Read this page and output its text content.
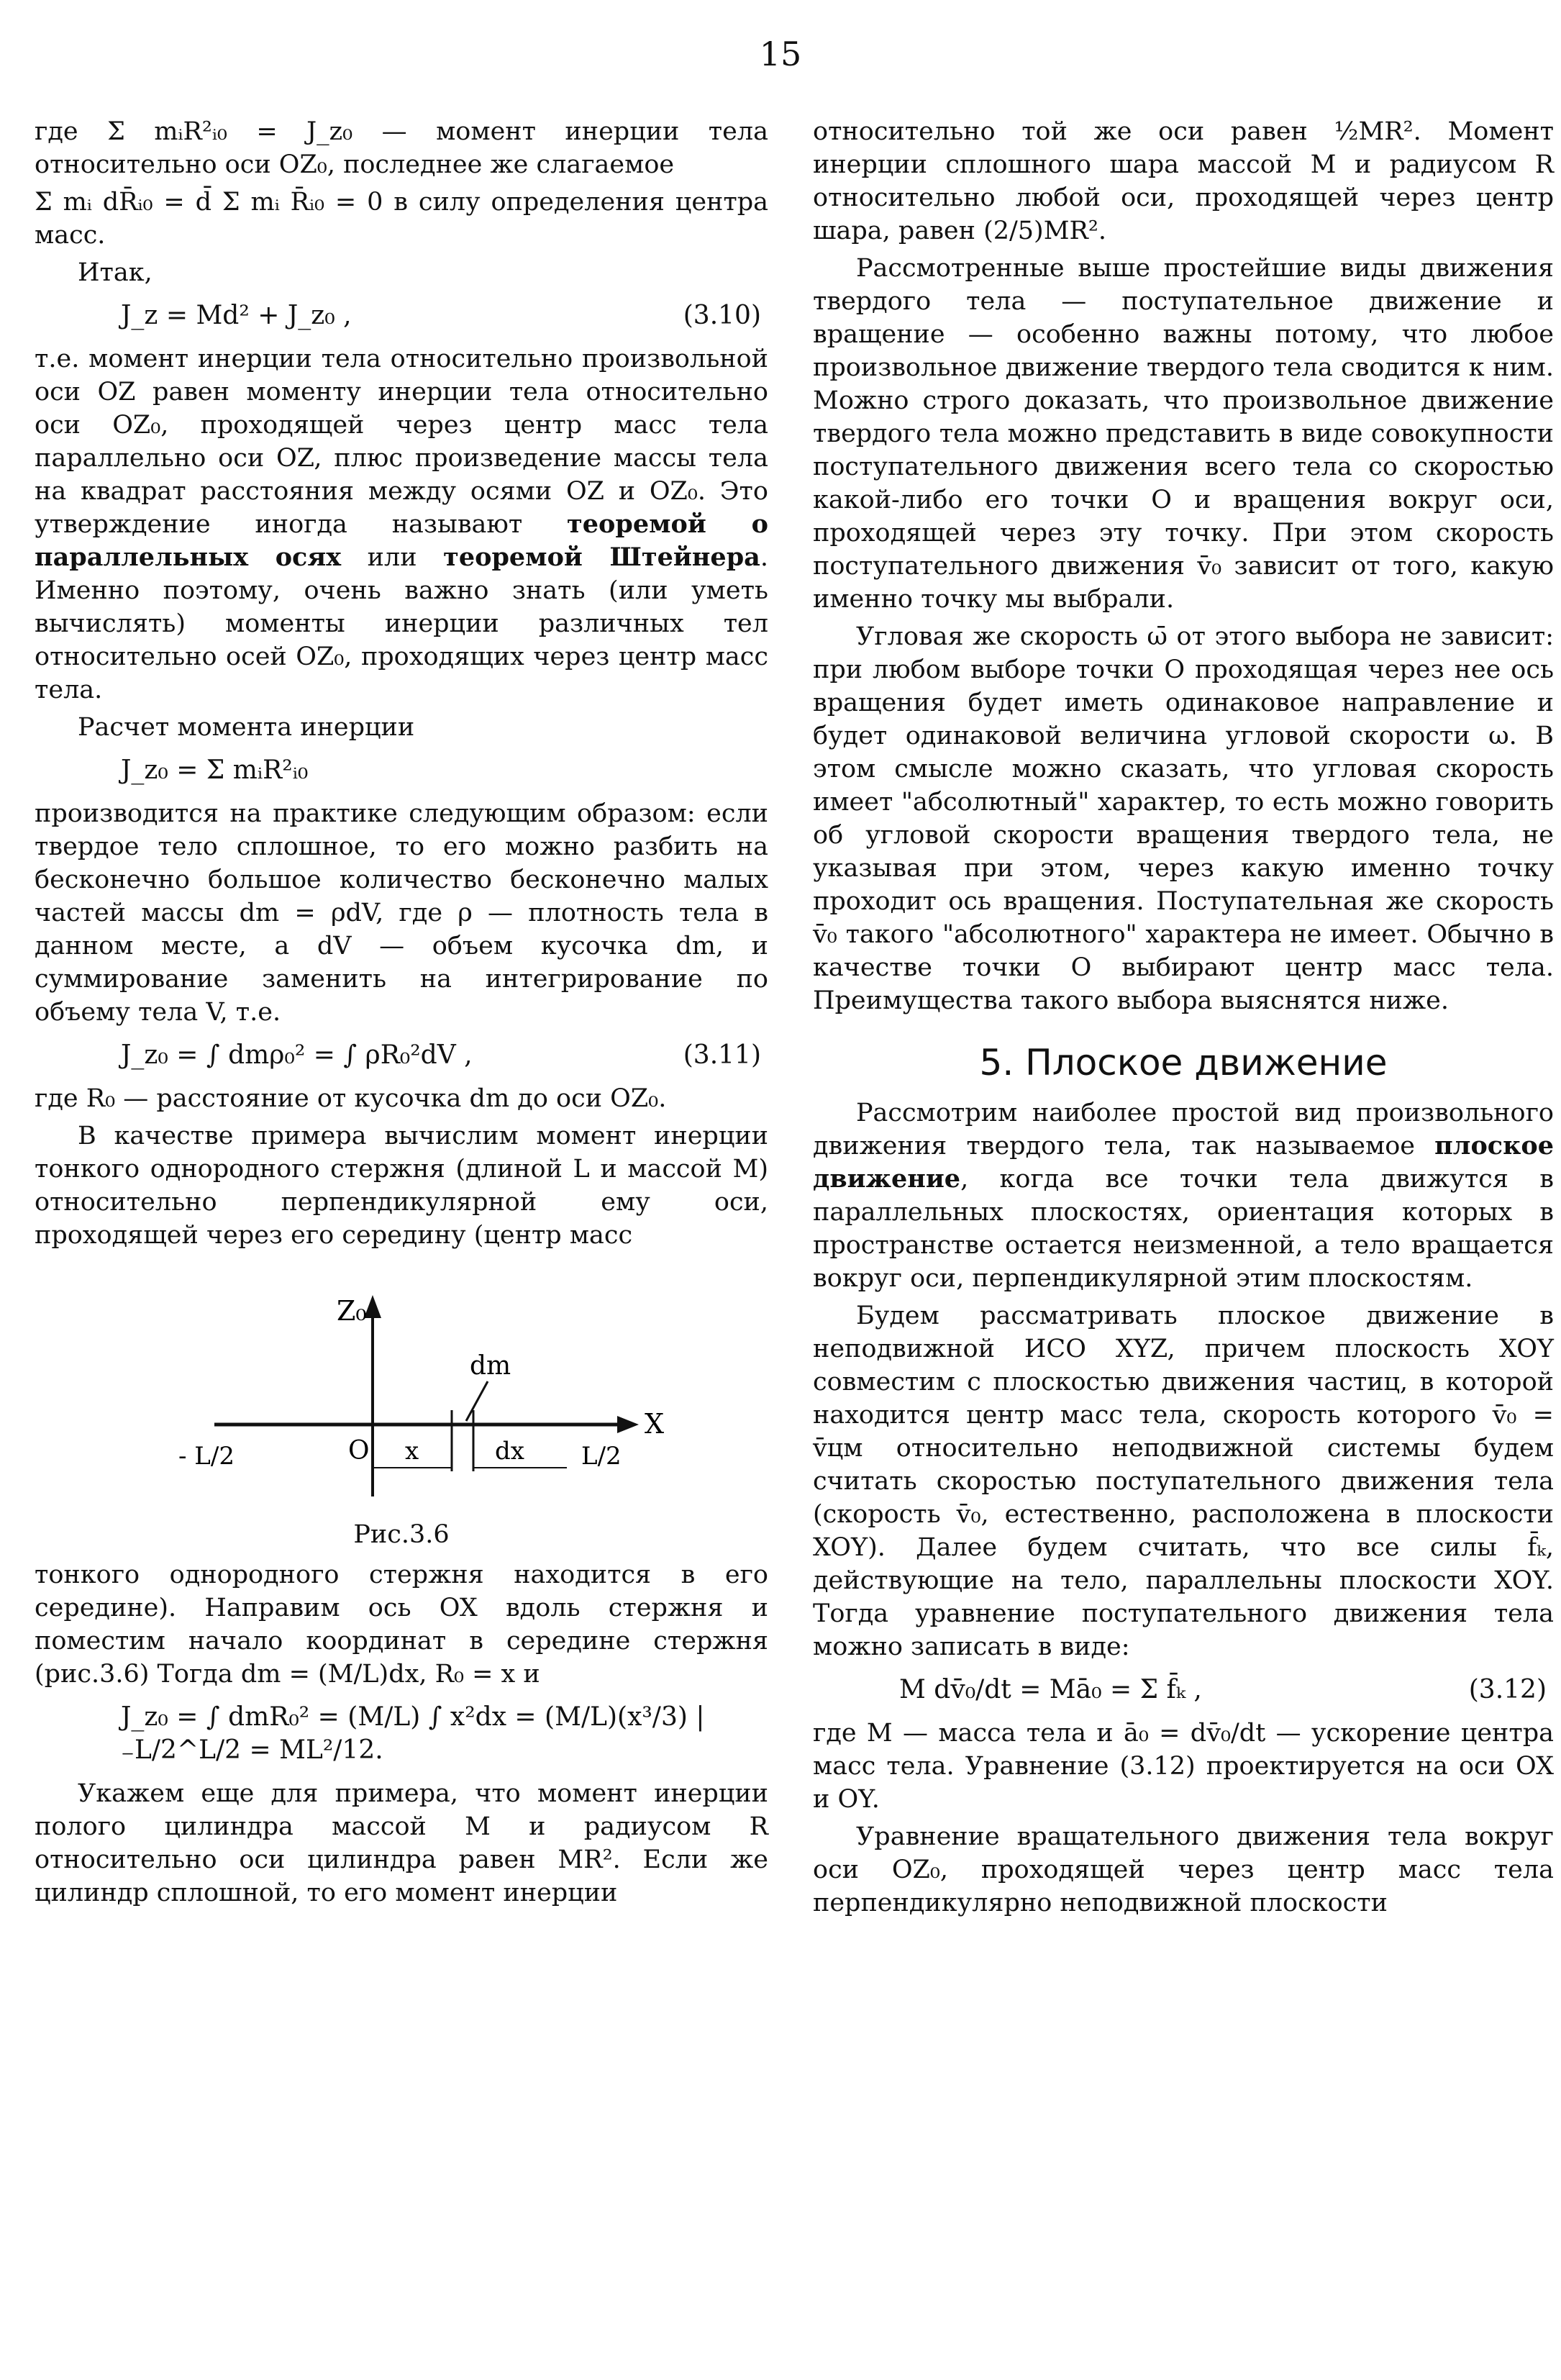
15

где Σ mᵢR²ᵢ₀ = J_z₀ — момент инерции тела относительно оси OZ₀, последнее же слагаемое

Σ mᵢ dR̄ᵢ₀ = d̄ Σ mᵢ R̄ᵢ₀ = 0 в силу определения центра масс.

Итак,

J_z = Md² + J_z₀ ,	(3.10)

т.е. момент инерции тела относительно произвольной оси OZ равен моменту инерции тела относительно оси OZ₀, проходящей через центр масс тела параллельно оси OZ, плюс произведение массы тела на квадрат расстояния между осями OZ и OZ₀. Это утверждение иногда называют теоремой о параллельных осях или теоремой Штейнера. Именно поэтому, очень важно знать (или уметь вычислять) моменты инерции различных тел относительно осей OZ₀, проходящих через центр масс тела.

Расчет момента инерции

J_z₀ = Σ mᵢR²ᵢ₀

производится на практике следующим образом: если твердое тело сплошное, то его можно разбить на бесконечно большое количество бесконечно малых частей массы dm = ρdV, где ρ — плотность тела в данном месте, а dV — объем кусочка dm, и суммирование заменить на интегрирование по объему тела V, т.е.

J_z₀ = ∫ dmρ₀² = ∫ ρR₀²dV ,	(3.11)

где R₀ — расстояние от кусочка dm до оси OZ₀.

В качестве примера вычислим момент инерции тонкого однородного стержня (длиной L и массой M) относительно перпендикулярной ему оси, проходящей через его середину (центр масс

Z₀
X
dm
x	dx
O
- L/2	L/2

Рис.3.6

тонкого однородного стержня находится в его середине). Направим ось OX вдоль стержня и поместим начало координат в середине стержня (рис.3.6) Тогда dm = (M/L)dx, R₀ = x и

J_z₀ = ∫ dmR₀² = (M/L) ∫ x²dx = (M/L)(x³/3) |₋L/2^L/2 = ML²/12.

Укажем еще для примера, что момент инерции полого цилиндра массой M и радиусом R относительно оси цилиндра равен MR². Если же цилиндр сплошной, то его момент инерции

относительно той же оси равен ½MR². Момент инерции сплошного шара массой M и радиусом R относительно любой оси, проходящей через центр шара, равен (2/5)MR².

Рассмотренные выше простейшие виды движения твердого тела — поступательное движение и вращение — особенно важны потому, что любое произвольное движение твердого тела сводится к ним. Можно строго доказать, что произвольное движение твердого тела можно представить в виде совокупности поступательного движения всего тела со скоростью какой-либо его точки O и вращения вокруг оси, проходящей через эту точку. При этом скорость поступательного движения v̄₀ зависит от того, какую именно точку мы выбрали.

Угловая же скорость ω̄ от этого выбора не зависит: при любом выборе точки O проходящая через нее ось вращения будет иметь одинаковое направление и будет одинаковой величина угловой скорости ω. В этом смысле можно сказать, что угловая скорость имеет "абсолютный" характер, то есть можно говорить об угловой скорости вращения твердого тела, не указывая при этом, через какую именно точку проходит ось вращения. Поступательная же скорость v̄₀ такого "абсолютного" характера не имеет. Обычно в качестве точки O выбирают центр масс тела. Преимущества такого выбора выяснятся ниже.

5. Плоское движение

Рассмотрим наиболее простой вид произвольного движения твердого тела, так называемое плоское движение, когда все точки тела движутся в параллельных плоскостях, ориентация которых в пространстве остается неизменной, а тело вращается вокруг оси, перпендикулярной этим плоскостям.

Будем рассматривать плоское движение в неподвижной ИСО XYZ, причем плоскость XOY совместим с плоскостью движения частиц, в которой находится центр масс тела, скорость которого v̄₀ = v̄цм относительно неподвижной системы будем считать скоростью поступательного движения тела (скорость v̄₀, естественно, расположена в плоскости XOY). Далее будем считать, что все силы f̄ₖ, действующие на тело, параллельны плоскости XOY. Тогда уравнение поступательного движения тела можно записать в виде:

M dv̄₀/dt = Mā₀ = Σ f̄ₖ ,	(3.12)

где M — масса тела и ā₀ = dv̄₀/dt — ускорение центра масс тела. Уравнение (3.12) проектируется на оси OX и OY.

Уравнение вращательного движения тела вокруг оси OZ₀, проходящей через центр масс тела перпендикулярно неподвижной плоскости
